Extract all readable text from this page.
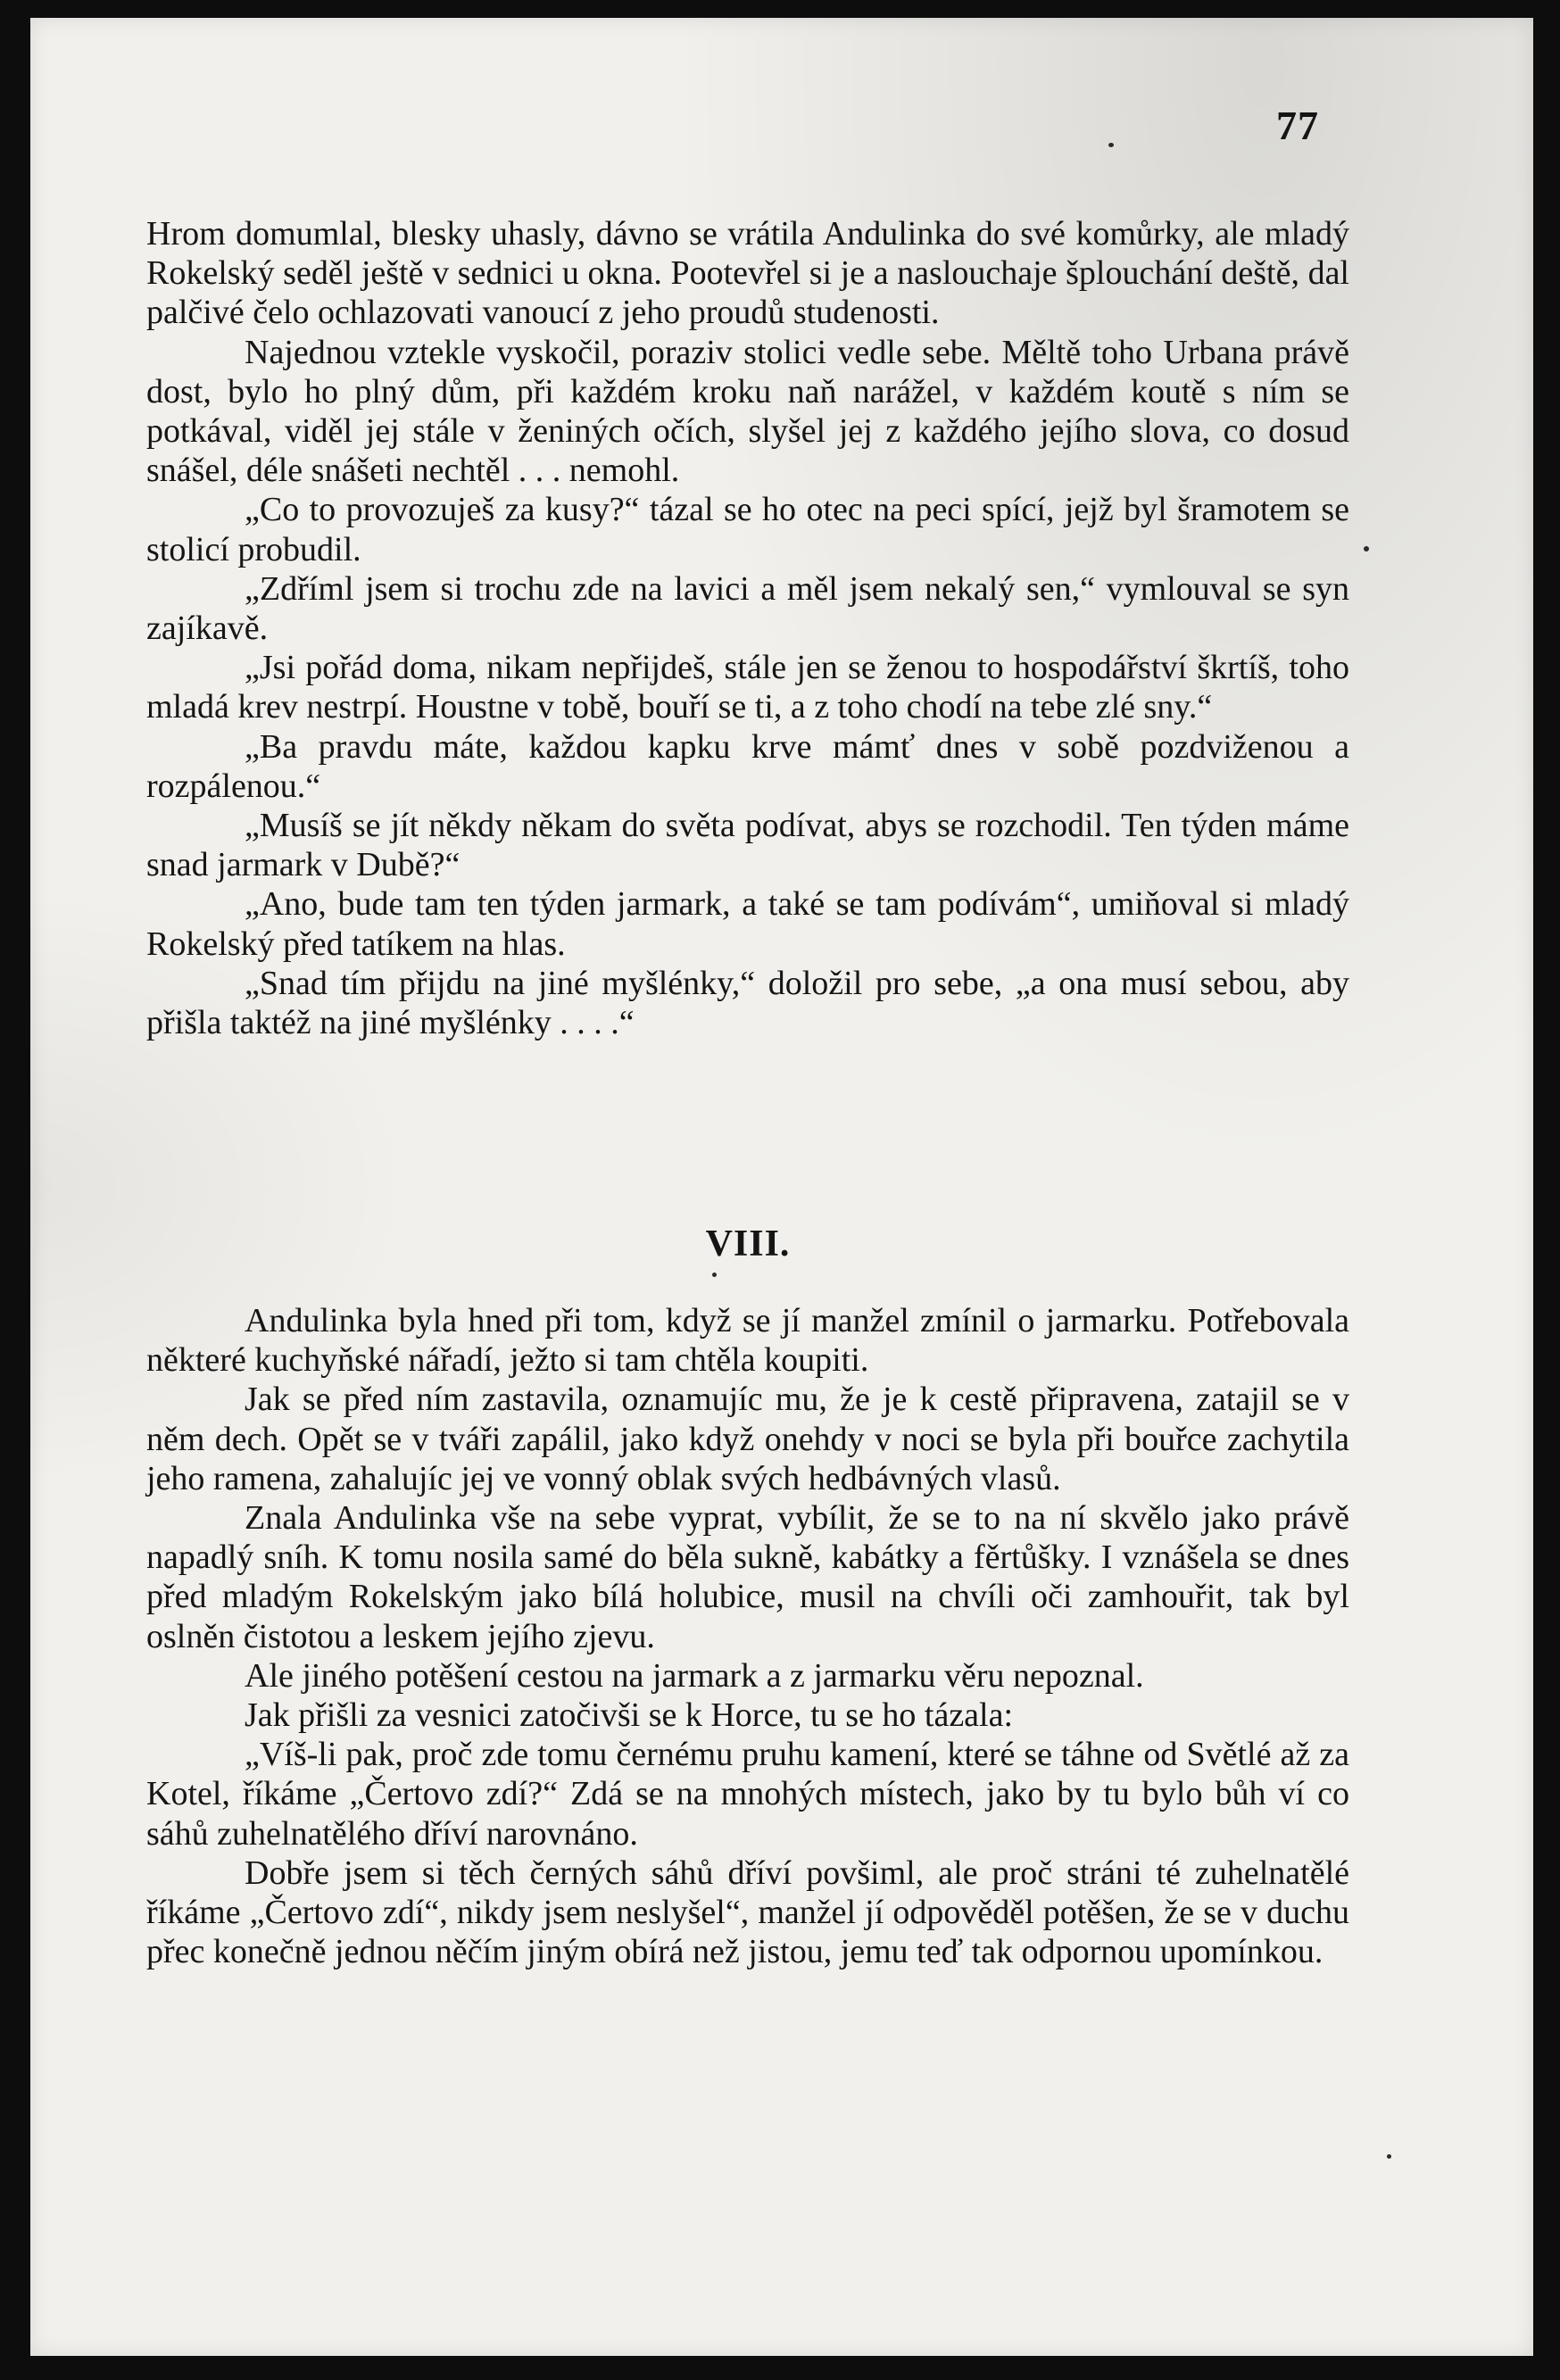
77

Hrom domumlal, blesky uhasly, dávno se vrátila Andulinka do své komůrky, ale mladý Rokelský seděl ještě v sednici u okna. Pootevřel si je a naslouchaje šplouchání deště, dal palčivé čelo ochlazovati vanoucí z jeho proudů studenosti.

Najednou vztekle vyskočil, poraziv stolici vedle sebe. Měltě toho Urbana právě dost, bylo ho plný dům, při každém kroku naň narážel, v každém koutě s ním se potkával, viděl jej stále v ženiných očích, slyšel jej z každého jejího slova, co dosud snášel, déle snášeti nechtěl . . . nemohl.

„Co to provozuješ za kusy?“ tázal se ho otec na peci spící, jejž byl šramotem se stolicí probudil.

„Zdříml jsem si trochu zde na lavici a měl jsem nekalý sen,“ vymlouval se syn zajíkavě.

„Jsi pořád doma, nikam nepřijdeš, stále jen se ženou to hospodářství škrtíš, toho mladá krev nestrpí. Houstne v tobě, bouří se ti, a z toho chodí na tebe zlé sny.“

„Ba pravdu máte, každou kapku krve mámť dnes v sobě pozdviženou a rozpálenou.“

„Musíš se jít někdy někam do světa podívat, abys se rozchodil. Ten týden máme snad jarmark v Dubě?“

„Ano, bude tam ten týden jarmark, a také se tam podívám“, umiňoval si mladý Rokelský před tatíkem na hlas.

„Snad tím přijdu na jiné myšlénky,“ doložil pro sebe, „a ona musí sebou, aby přišla taktéž na jiné myšlénky . . . .“

VIII.

Andulinka byla hned při tom, když se jí manžel zmínil o jarmarku. Potřebovala některé kuchyňské nářadí, ježto si tam chtěla koupiti.

Jak se před ním zastavila, oznamujíc mu, že je k cestě připravena, zatajil se v něm dech. Opět se v tváři zapálil, jako když onehdy v noci se byla při bouřce zachytila jeho ramena, zahalujíc jej ve vonný oblak svých hedbávných vlasů.

Znala Andulinka vše na sebe vyprat, vybílit, že se to na ní skvělo jako právě napadlý sníh. K tomu nosila samé do běla sukně, kabátky a fěrtůšky. I vznášela se dnes před mladým Rokelským jako bílá holubice, musil na chvíli oči zamhouřit, tak byl oslněn čistotou a leskem jejího zjevu.

Ale jiného potěšení cestou na jarmark a z jarmarku věru nepoznal.

Jak přišli za vesnici zatočivši se k Horce, tu se ho tázala:

„Víš-li pak, proč zde tomu černému pruhu kamení, které se táhne od Světlé až za Kotel, říkáme „Čertovo zdí?“ Zdá se na mnohých místech, jako by tu bylo bůh ví co sáhů zuhelnatělého dříví narovnáno.

Dobře jsem si těch černých sáhů dříví povšiml, ale proč stráni té zuhelnatělé říkáme „Čertovo zdí“, nikdy jsem neslyšel“, manžel jí odpověděl potěšen, že se v duchu přec konečně jednou něčím jiným obírá než jistou, jemu teď tak odpornou upomínkou.
